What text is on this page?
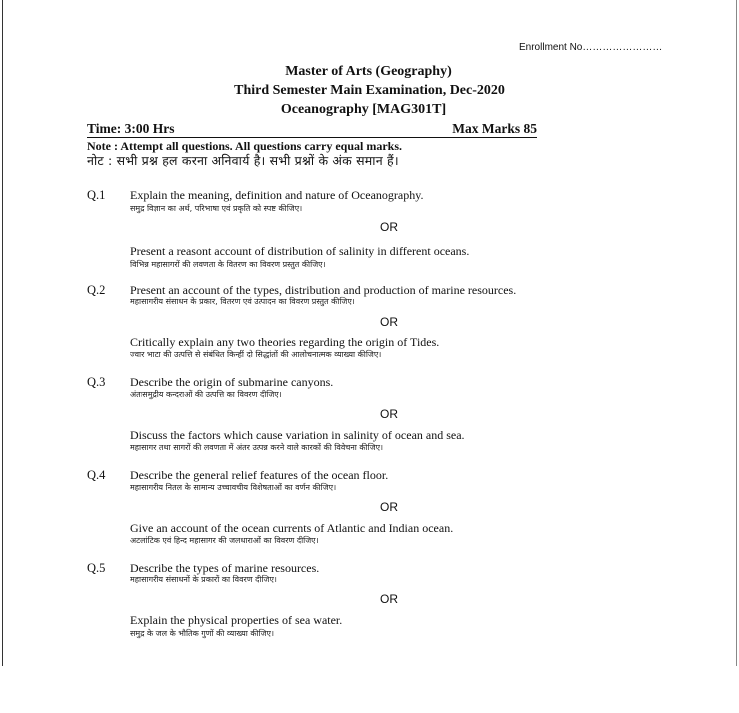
Enrollment No……………………
Master of Arts (Geography)
Third Semester Main Examination, Dec-2020
Oceanography [MAG301T]
Time: 3:00 Hrs	Max Marks 85
Note : Attempt all questions. All questions carry equal marks.
नोट : सभी प्रश्न हल करना अनिवार्य है। सभी प्रश्नों के अंक समान हैं।
Q.1 Explain the meaning, definition and nature of Oceanography.
समुद्र विज्ञान का अर्थ, परिभाषा एवं प्रकृति को स्पष्ट कीजिए।
OR
Present a reasont account of distribution of salinity in different oceans.
विभिन्न महासागरों की लवणता के वितरण का विवरण प्रस्तुत कीजिए।
Q.2 Present an account of the types, distribution and production of marine resources.
महासागरीय संसाधन के प्रकार, वितरण एवं उत्पादन का विवरण प्रस्तुत कीजिए।
OR
Critically explain any two theories regarding the origin of Tides.
ज्वार भाटा की उत्पत्ति से संबंधित किन्हीं दो सिद्धांतों की आलोचनात्मक व्याख्या कीजिए।
Q.3 Describe the origin of submarine canyons.
अंतःसमुद्रीय कन्दराओं की उत्पत्ति का विवरण दीजिए।
OR
Discuss the factors which cause variation in salinity of ocean and sea.
महासागर तथा सागरों की लवणता में अंतर उत्पन्न करने वाले कारकों की विवेचना कीजिए।
Q.4 Describe the general relief features of the ocean floor.
महासागरीय नितल के सामान्य उच्चावचीय विशेषताओं का वर्णन कीजिए।
OR
Give an account of the ocean currents of Atlantic and Indian ocean.
अटलांटिक एवं हिन्द महासागर की जलधाराओं का विवरण दीजिए।
Q.5 Describe the types of marine resources.
महासागरीय संसाधनों के प्रकारों का विवरण दीजिए।
OR
Explain the physical properties of sea water.
समुद्र के जल के भौतिक गुणों की व्याख्या कीजिए।
